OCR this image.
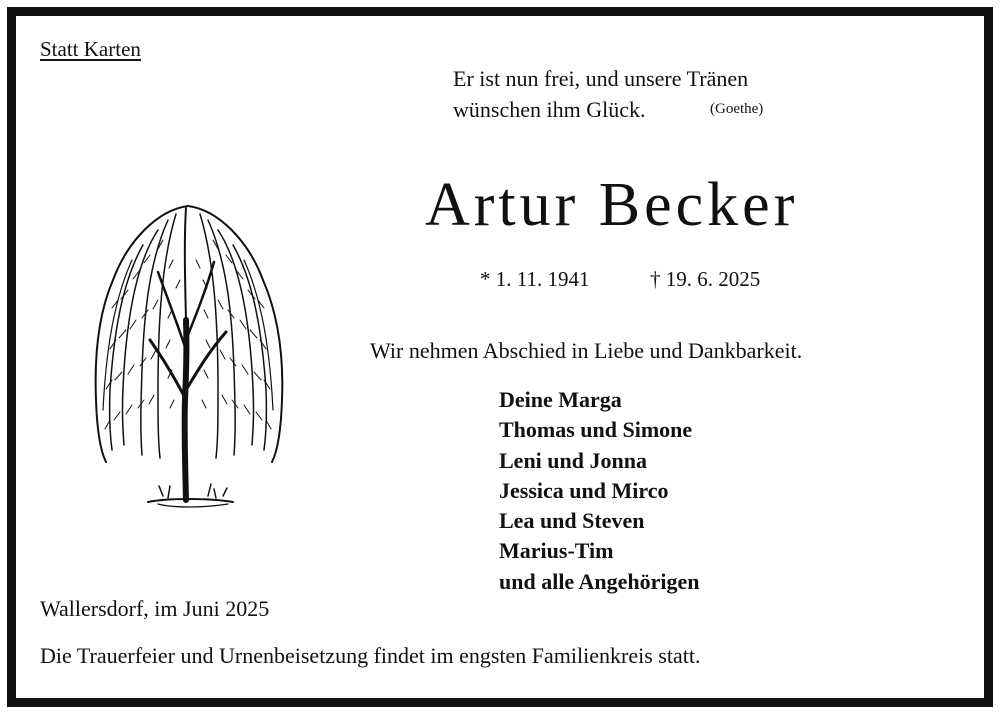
Statt Karten
Er ist nun frei, und unsere Tränen
wünschen ihm Glück.	(Goethe)
Artur Becker
* 1. 11. 1941	† 19. 6. 2025
Wir nehmen Abschied in Liebe und Dankbarkeit.
Deine Marga
Thomas und Simone
Leni und Jonna
Jessica und Mirco
Lea und Steven
Marius-Tim
und alle Angehörigen
Wallersdorf, im Juni 2025
Die Trauerfeier und Urnenbeisetzung findet im engsten Familienkreis statt.
